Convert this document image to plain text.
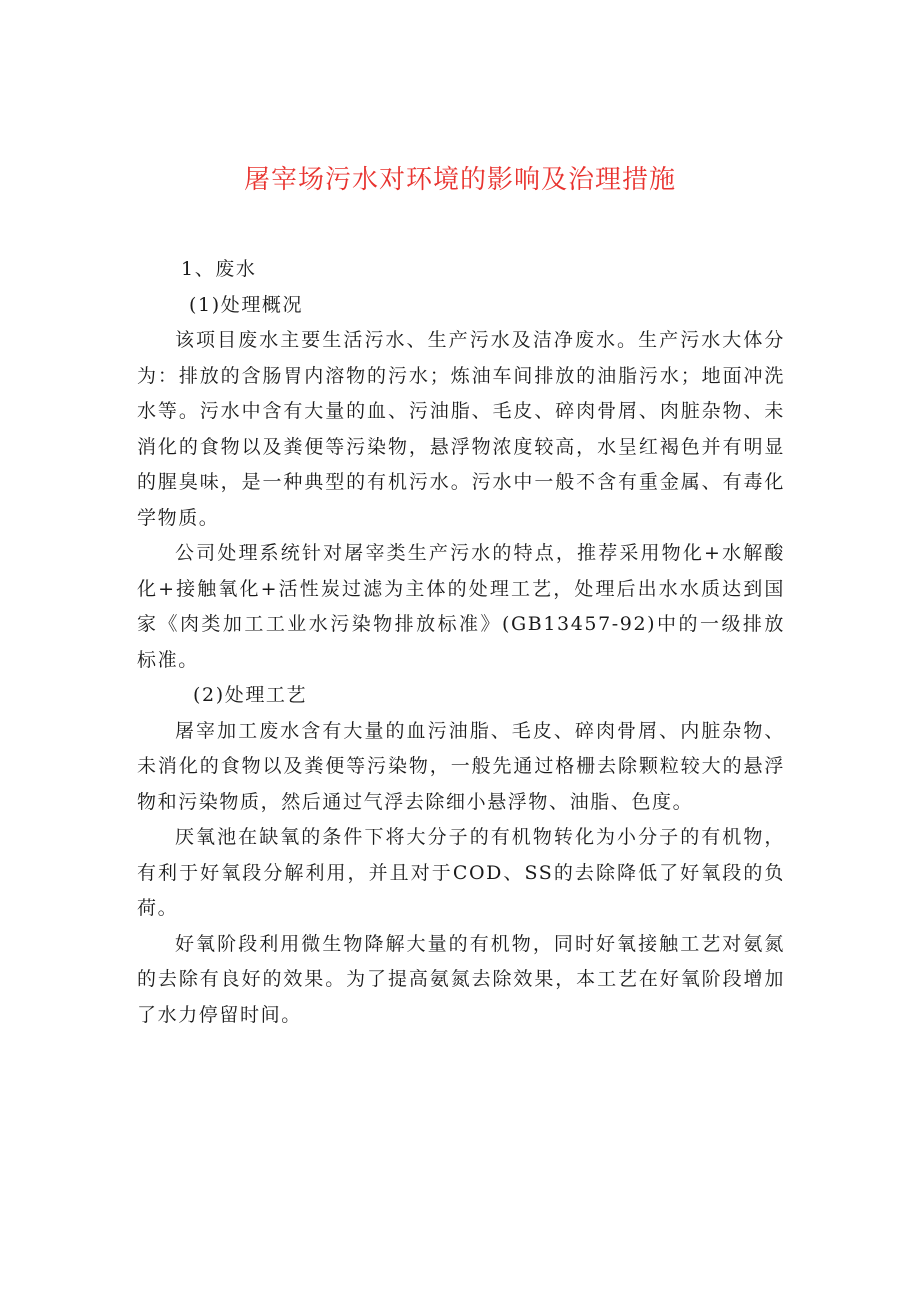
屠宰场污水对环境的影响及治理措施

1、废水

(1)处理概况

该项目废水主要生活污水、生产污水及洁净废水。生产污水大体分为：排放的含肠胃内溶物的污水；炼油车间排放的油脂污水；地面冲洗水等。污水中含有大量的血、污油脂、毛皮、碎肉骨屑、肉脏杂物、未消化的食物以及粪便等污染物，悬浮物浓度较高，水呈红褐色并有明显的腥臭味，是一种典型的有机污水。污水中一般不含有重金属、有毒化学物质。

公司处理系统针对屠宰类生产污水的特点，推荐采用物化+水解酸化+接触氧化+活性炭过滤为主体的处理工艺，处理后出水水质达到国家《肉类加工工业水污染物排放标准》(GB13457-92)中的一级排放标准。

(2)处理工艺

屠宰加工废水含有大量的血污油脂、毛皮、碎肉骨屑、内脏杂物、未消化的食物以及粪便等污染物，一般先通过格栅去除颗粒较大的悬浮物和污染物质，然后通过气浮去除细小悬浮物、油脂、色度。

厌氧池在缺氧的条件下将大分子的有机物转化为小分子的有机物，有利于好氧段分解利用，并且对于COD、SS的去除降低了好氧段的负荷。

好氧阶段利用微生物降解大量的有机物，同时好氧接触工艺对氨氮的去除有良好的效果。为了提高氨氮去除效果，本工艺在好氧阶段增加了水力停留时间。
